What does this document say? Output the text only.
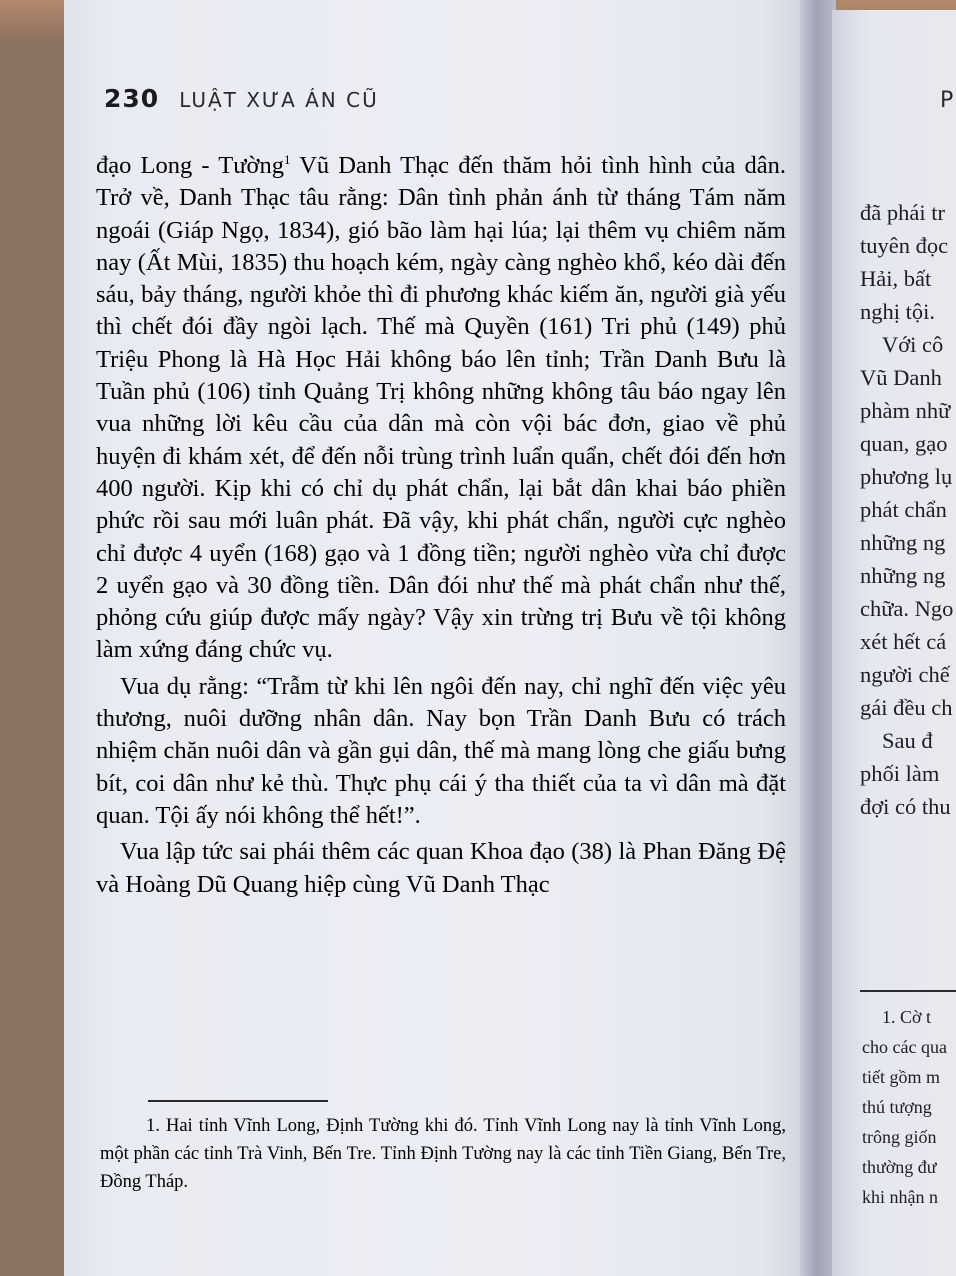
230 LUẬT XƯA ÁN CŨ

đạo Long - Tường$^1$ Vũ Danh Thạc đến thăm hỏi tình hình của dân. Trở về, Danh Thạc tâu rằng: Dân tình phản ánh từ tháng Tám năm ngoái (Giáp Ngọ, 1834), gió bão làm hại lúa; lại thêm vụ chiêm năm nay (Ất Mùi, 1835) thu hoạch kém, ngày càng nghèo khổ, kéo dài đến sáu, bảy tháng, người khỏe thì đi phương khác kiếm ăn, người già yếu thì chết đói đầy ngòi lạch. Thế mà Quyền (161) Tri phủ (149) phủ Triệu Phong là Hà Học Hải không báo lên tỉnh; Trần Danh Bưu là Tuần phủ (106) tỉnh Quảng Trị không những không tâu báo ngay lên vua những lời kêu cầu của dân mà còn vội bác đơn, giao về phủ huyện đi khám xét, để đến nỗi trùng trình luẩn quẩn, chết đói đến hơn 400 người. Kịp khi có chỉ dụ phát chẩn, lại bắt dân khai báo phiền phức rồi sau mới luân phát. Đã vậy, khi phát chẩn, người cực nghèo chỉ được 4 uyển (168) gạo và 1 đồng tiền; người nghèo vừa chỉ được 2 uyển gạo và 30 đồng tiền. Dân đói như thế mà phát chẩn như thế, phỏng cứu giúp được mấy ngày? Vậy xin trừng trị Bưu về tội không làm xứng đáng chức vụ.

Vua dụ rằng: “Trẫm từ khi lên ngôi đến nay, chỉ nghĩ đến việc yêu thương, nuôi dưỡng nhân dân. Nay bọn Trần Danh Bưu có trách nhiệm chăn nuôi dân và gần gụi dân, thế mà mang lòng che giấu bưng bít, coi dân như kẻ thù. Thực phụ cái ý tha thiết của ta vì dân mà đặt quan. Tội ấy nói không thể hết!”.

Vua lập tức sai phái thêm các quan Khoa đạo (38) là Phan Đăng Đệ và Hoàng Dũ Quang hiệp cùng Vũ Danh Thạc

1. Hai tỉnh Vĩnh Long, Định Tường khi đó. Tỉnh Vĩnh Long nay là tỉnh Vĩnh Long, một phần các tỉnh Trà Vinh, Bến Tre. Tỉnh Định Tường nay là các tỉnh Tiền Giang, Bến Tre, Đồng Tháp.

P
đã phái tr
tuyên đọc
Hải, bất
nghị tội.
Với cô
Vũ Danh
phàm nhữ
quan, gạo
phương lụ
phát chẩn
những ng
những ng
chữa. Ngo
xét hết cá
người chế
gái đều ch
Sau đ
phối làm
đợi có thu
1. Cờ t
cho các qua
tiết gồm m
thú tượng
trông giốn
thường đư
khi nhận n
